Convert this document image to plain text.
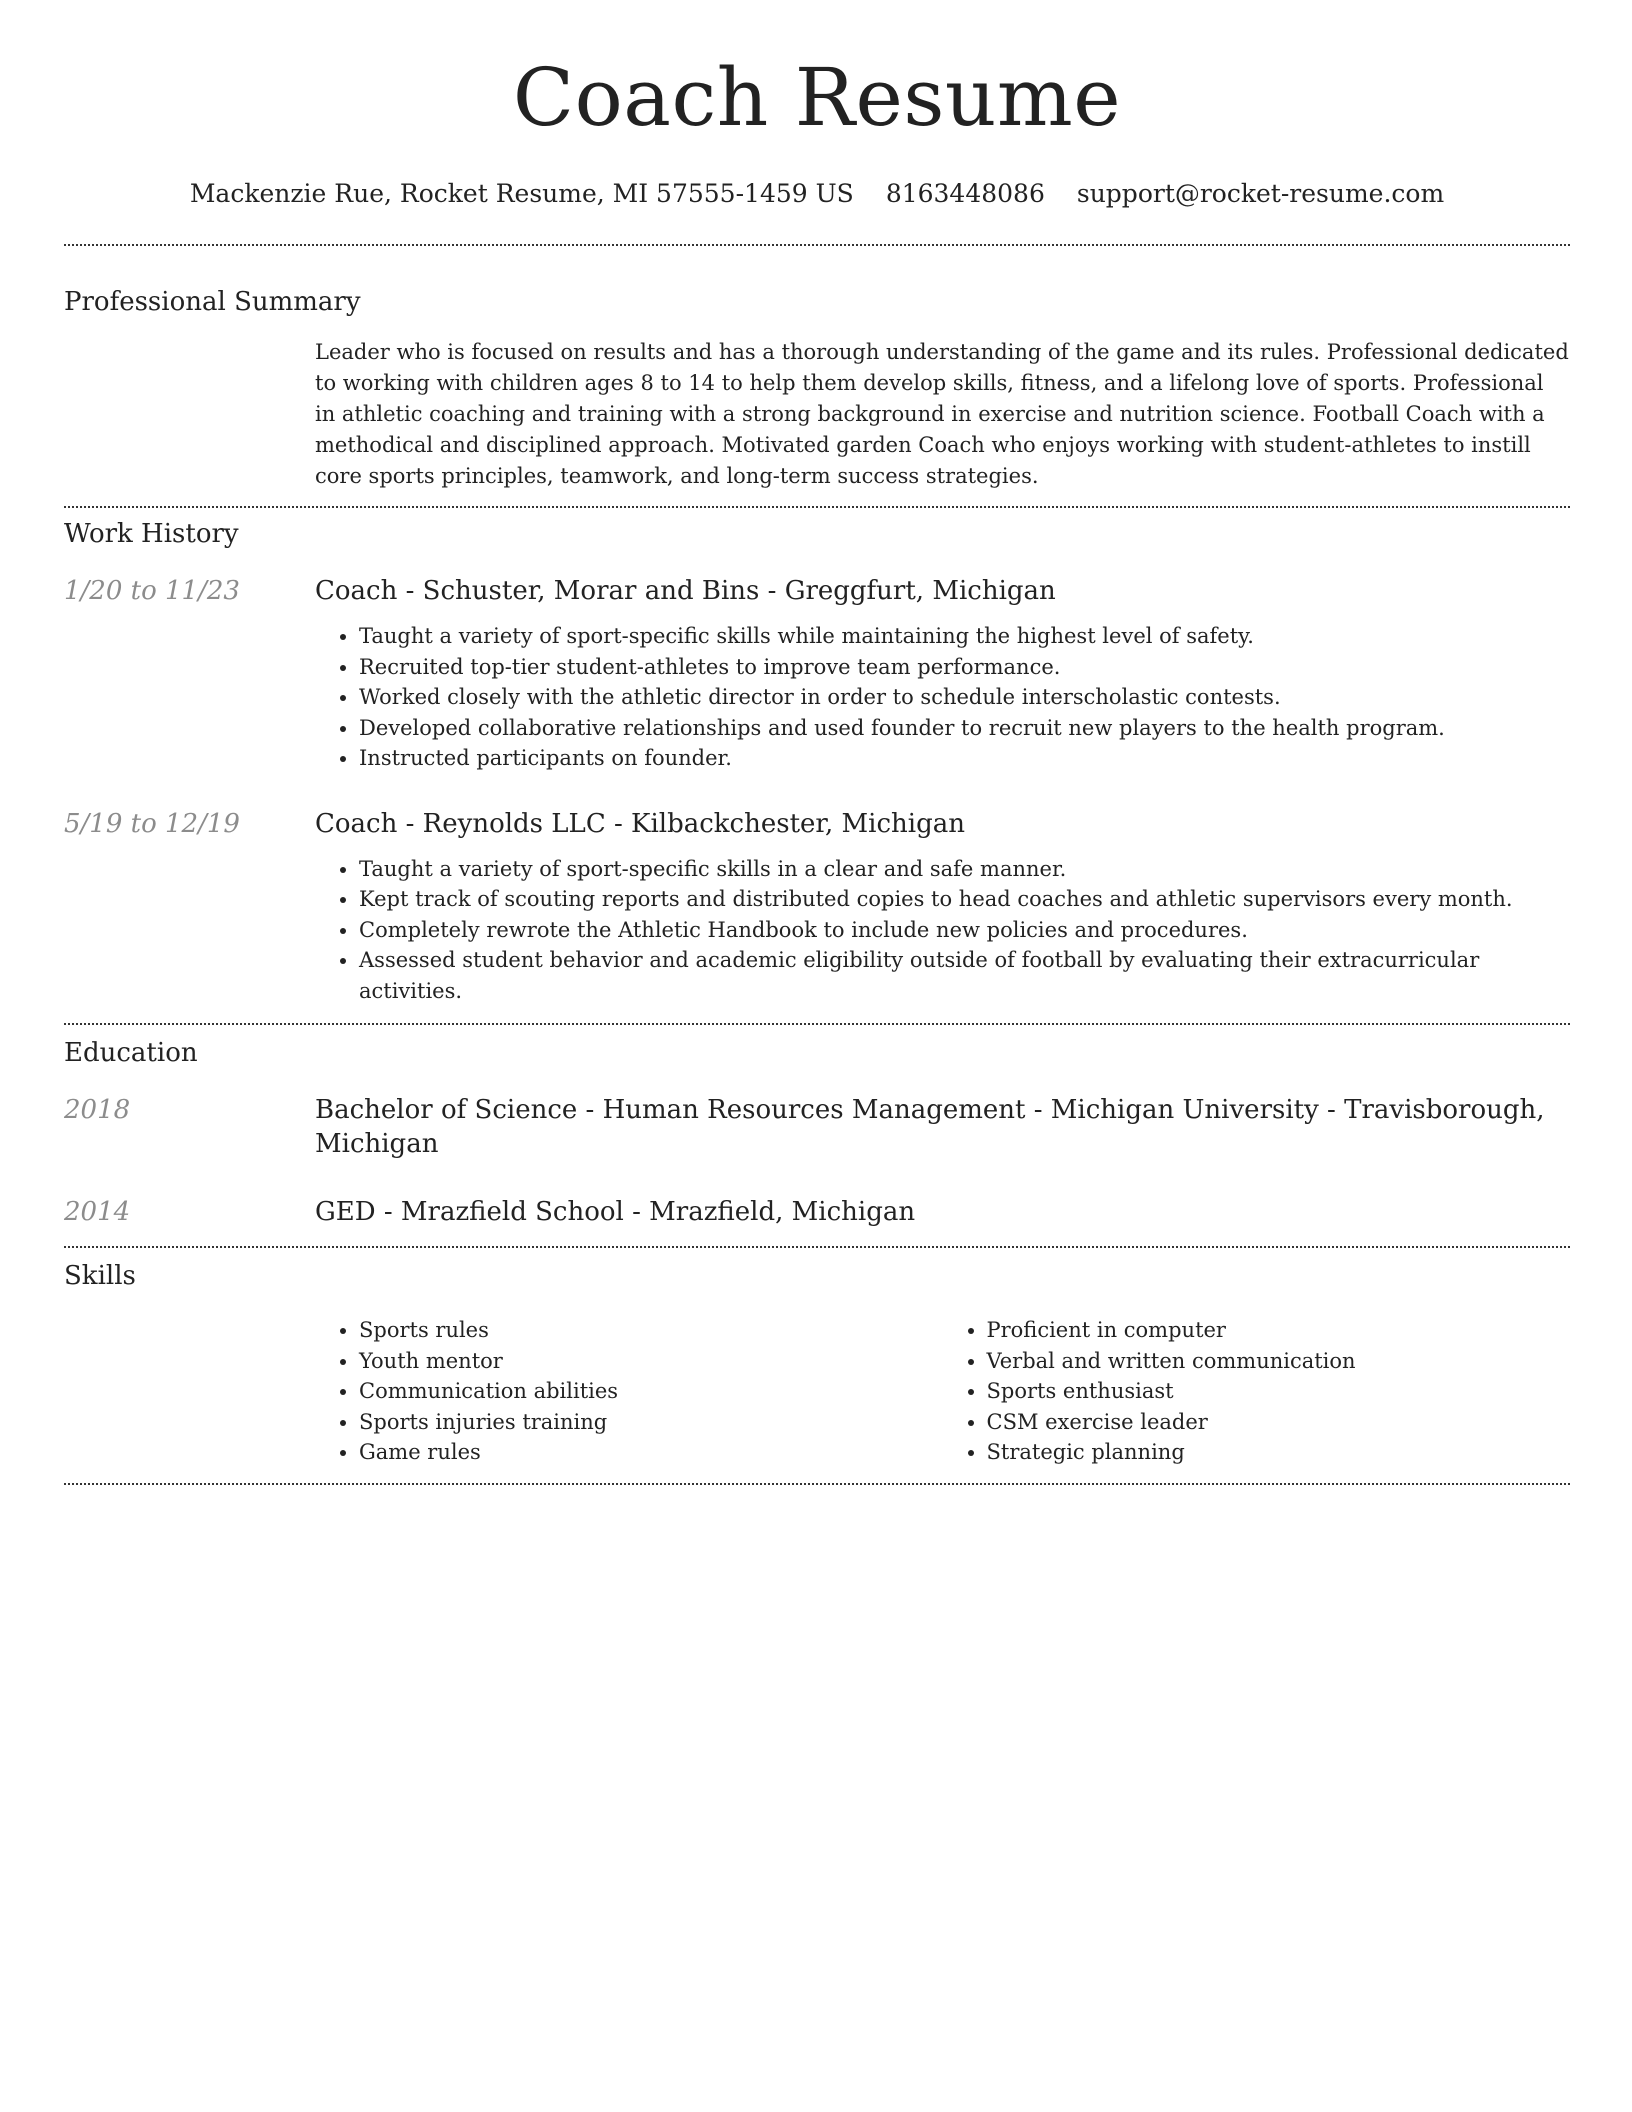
Coach Resume
Mackenzie Rue, Rocket Resume, MI 57555-1459 US 8163448086 support@rocket-resume.com
Professional Summary

Leader who is focused on results and has a thorough understanding of the game and its rules. Professional dedicated to working with children ages 8 to 14 to help them develop skills, fitness, and a lifelong love of sports. Professional in athletic coaching and training with a strong background in exercise and nutrition science. Football Coach with a methodical and disciplined approach. Motivated garden Coach who enjoys working with student-athletes to instill core sports principles, teamwork, and long-term success strategies.

Work History
1/20 to 11/23	Coach - Schuster, Morar and Bins - Greggfurt, Michigan

• Taught a variety of sport-specific skills while maintaining the highest level of safety.
• Recruited top-tier student-athletes to improve team performance.
• Worked closely with the athletic director in order to schedule interscholastic contests.
• Developed collaborative relationships and used founder to recruit new players to the health program.
• Instructed participants on founder.
5/19 to 12/19	Coach - Reynolds LLC - Kilbackchester, Michigan

• Taught a variety of sport-specific skills in a clear and safe manner.
• Kept track of scouting reports and distributed copies to head coaches and athletic supervisors every month.
• Completely rewrote the Athletic Handbook to include new policies and procedures.
• Assessed student behavior and academic eligibility outside of football by evaluating their extracurricular activities.
Education
2018	Bachelor of Science - Human Resources Management - Michigan University - Travisborough, Michigan

2014	GED - Mrazfield School - Mrazfield, Michigan

Skills
• Sports rules
• Youth mentor
• Communication abilities
• Sports injuries training
• Game rules
• Proficient in computer
• Verbal and written communication
• Sports enthusiast
• CSM exercise leader
• Strategic planning
